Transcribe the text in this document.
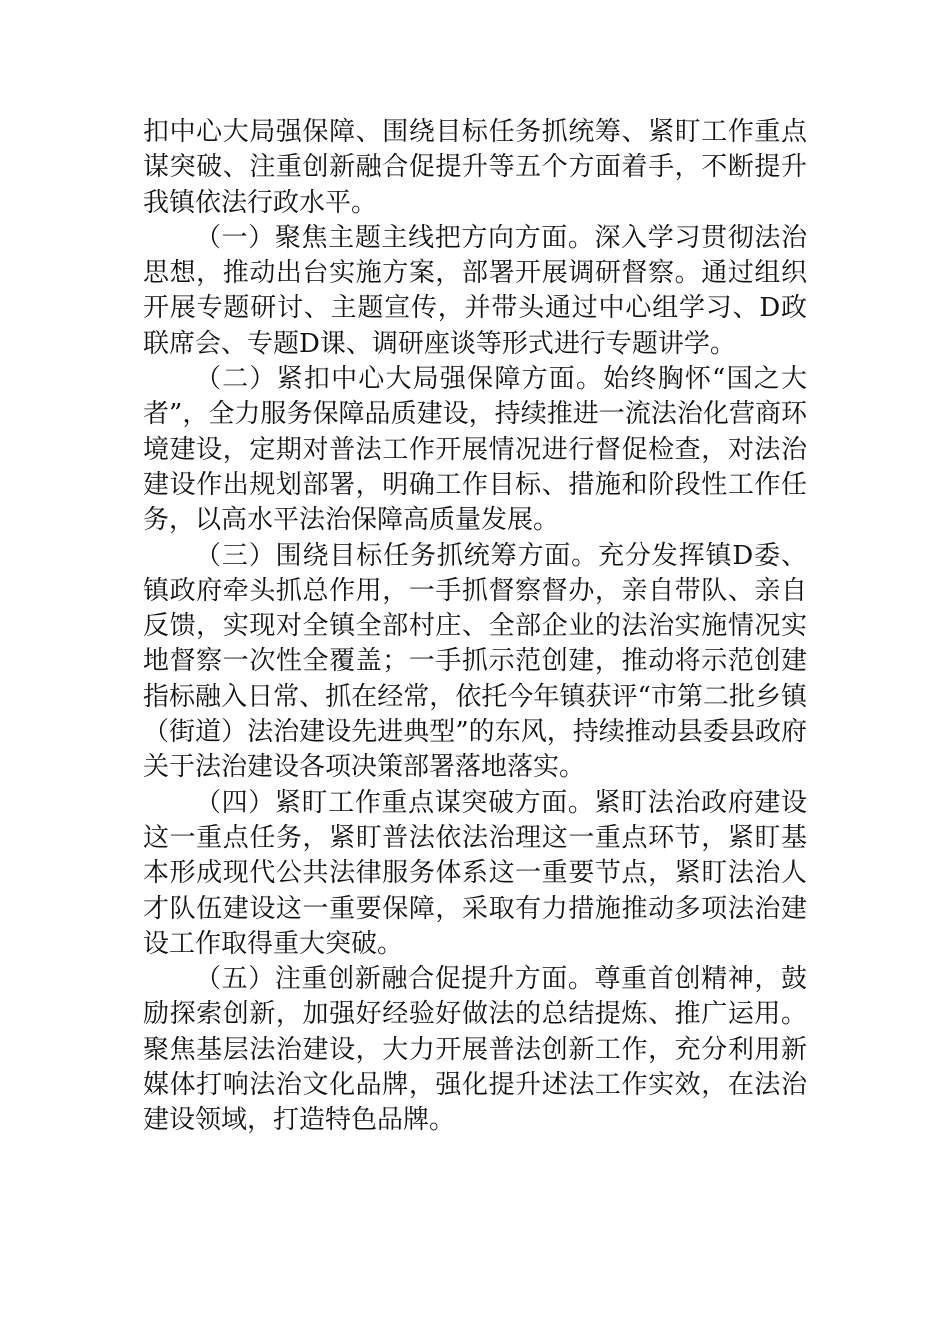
扣中心大局强保障、围绕目标任务抓统筹、紧盯工作重点谋突破、注重创新融合促提升等五个方面着手，不断提升我镇依法行政水平。

（一）聚焦主题主线把方向方面。深入学习贯彻法治思想，推动出台实施方案，部署开展调研督察。通过组织开展专题研讨、主题宣传，并带头通过中心组学习、D政联席会、专题D课、调研座谈等形式进行专题讲学。

（二）紧扣中心大局强保障方面。始终胸怀“国之大者”，全力服务保障品质建设，持续推进一流法治化营商环境建设，定期对普法工作开展情况进行督促检查，对法治建设作出规划部署，明确工作目标、措施和阶段性工作任务，以高水平法治保障高质量发展。

（三）围绕目标任务抓统筹方面。充分发挥镇D委、镇政府牵头抓总作用，一手抓督察督办，亲自带队、亲自反馈，实现对全镇全部村庄、全部企业的法治实施情况实地督察一次性全覆盖；一手抓示范创建，推动将示范创建指标融入日常、抓在经常，依托今年镇获评“市第二批乡镇（街道）法治建设先进典型”的东风，持续推动县委县政府关于法治建设各项决策部署落地落实。

（四）紧盯工作重点谋突破方面。紧盯法治政府建设这一重点任务，紧盯普法依法治理这一重点环节，紧盯基本形成现代公共法律服务体系这一重要节点，紧盯法治人才队伍建设这一重要保障，采取有力措施推动多项法治建设工作取得重大突破。

（五）注重创新融合促提升方面。尊重首创精神，鼓励探索创新，加强好经验好做法的总结提炼、推广运用。聚焦基层法治建设，大力开展普法创新工作，充分利用新媒体打响法治文化品牌，强化提升述法工作实效，在法治建设领域，打造特色品牌。
